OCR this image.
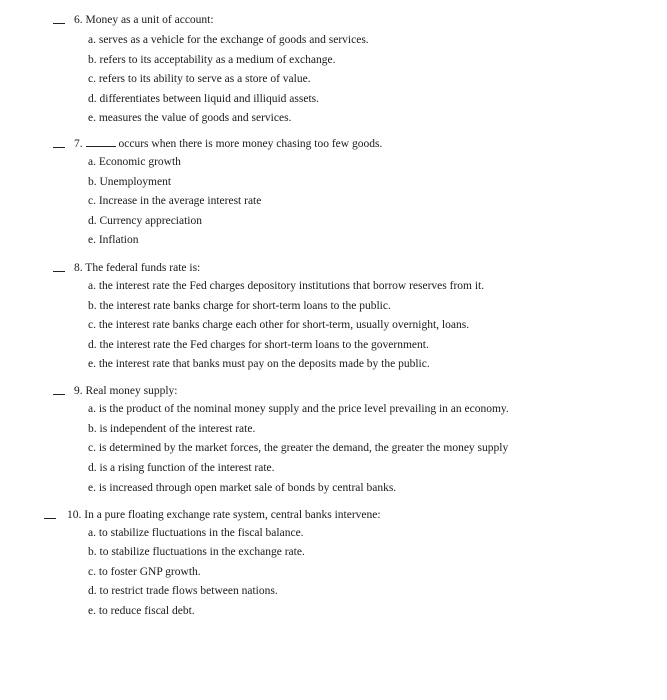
6. Money as a unit of account:
a. serves as a vehicle for the exchange of goods and services.
b. refers to its acceptability as a medium of exchange.
c. refers to its ability to serve as a store of value.
d. differentiates between liquid and illiquid assets.
e. measures the value of goods and services.
7.	occurs when there is more money chasing too few goods.
a. Economic growth
b. Unemployment
c. Increase in the average interest rate
d. Currency appreciation
e. Inflation
8. The federal funds rate is:
a. the interest rate the Fed charges depository institutions that borrow reserves from it.
b. the interest rate banks charge for short-term loans to the public.
c. the interest rate banks charge each other for short-term, usually overnight, loans.
d. the interest rate the Fed charges for short-term loans to the government.
e. the interest rate that banks must pay on the deposits made by the public.
9. Real money supply:
a. is the product of the nominal money supply and the price level prevailing in an economy.
b. is independent of the interest rate.
c. is determined by the market forces, the greater the demand, the greater the money supply
d. is a rising function of the interest rate.
e. is increased through open market sale of bonds by central banks.
10. In a pure floating exchange rate system, central banks intervene:
a. to stabilize fluctuations in the fiscal balance.
b. to stabilize fluctuations in the exchange rate.
c. to foster GNP growth.
d. to restrict trade flows between nations.
e. to reduce fiscal debt.
